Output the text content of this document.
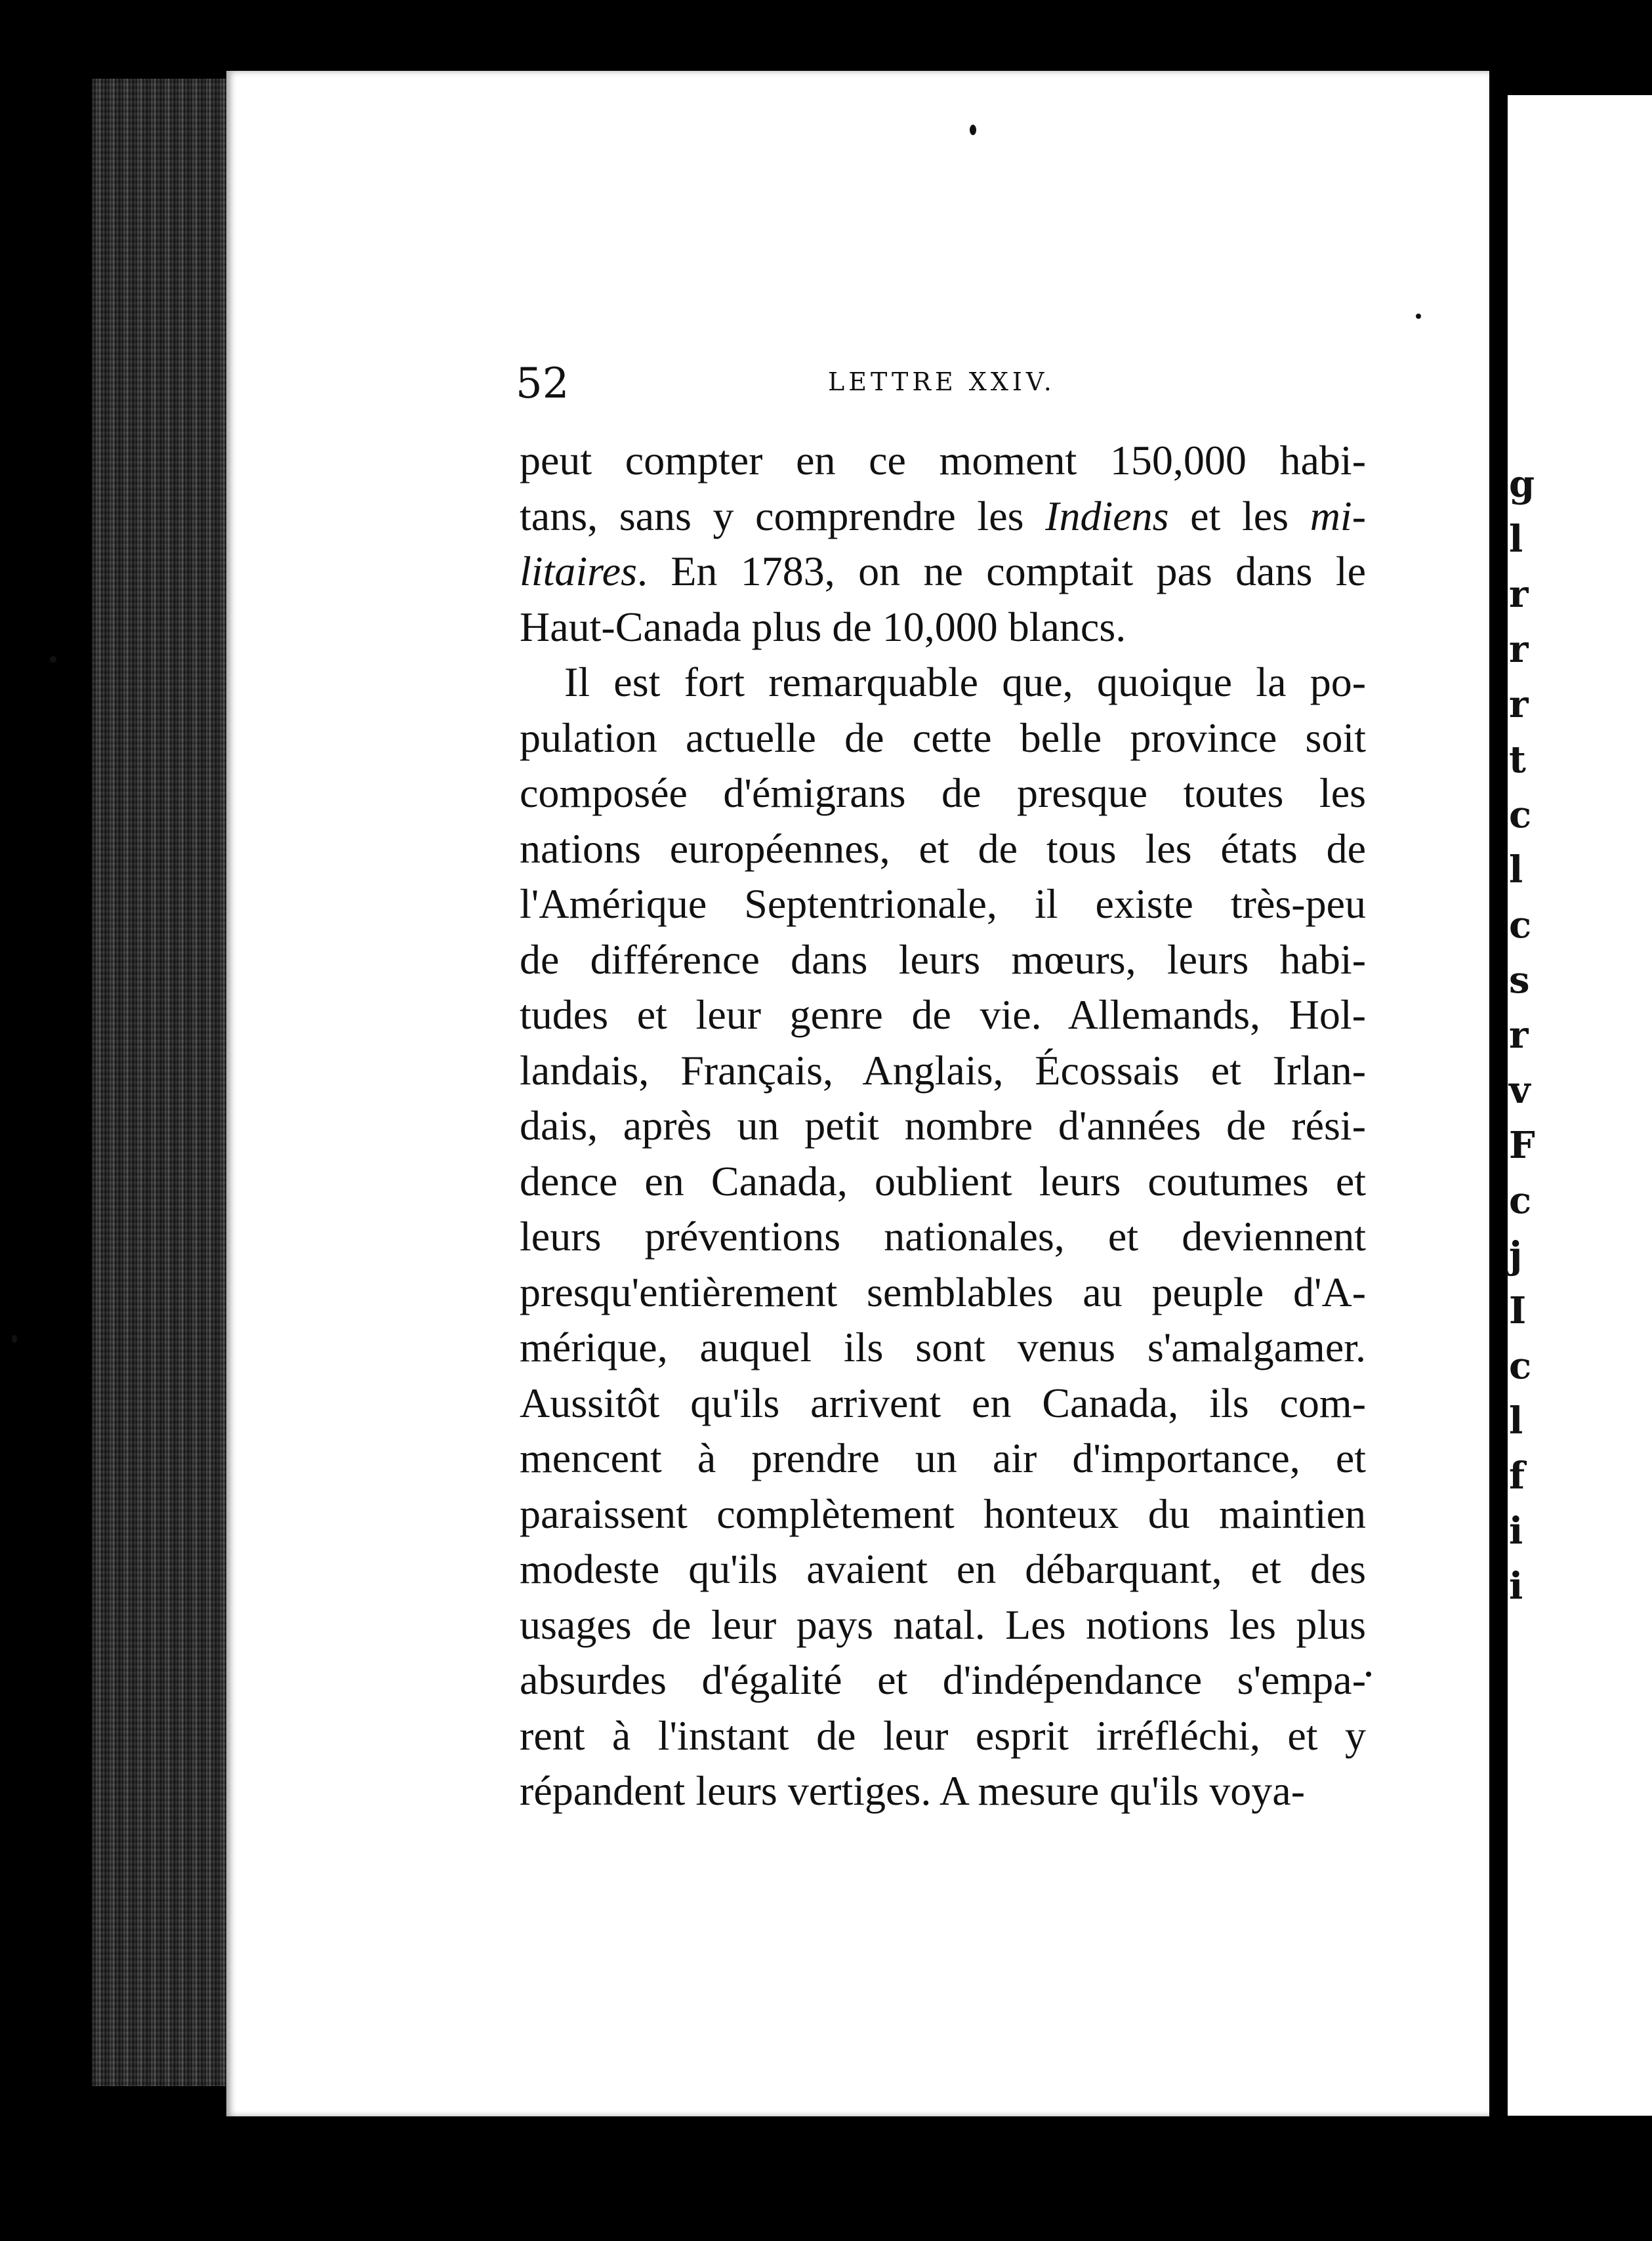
52	LETTRE XXIV.
peut compter en ce moment 150,000 habi-
tans, sans y comprendre les Indiens et les mi-
litaires. En 1783, on ne comptait pas dans le
Haut-Canada plus de 10,000 blancs.
Il est fort remarquable que, quoique la po-
pulation actuelle de cette belle province soit
composée d'émigrans de presque toutes les
nations européennes, et de tous les états de
l'Amérique Septentrionale, il existe très-peu
de différence dans leurs mœurs, leurs habi-
tudes et leur genre de vie. Allemands, Hol-
landais, Français, Anglais, Écossais et Irlan-
dais, après un petit nombre d'années de rési-
dence en Canada, oublient leurs coutumes et
leurs préventions nationales, et deviennent
presqu'entièrement semblables au peuple d'A-
mérique, auquel ils sont venus s'amalgamer.
Aussitôt qu'ils arrivent en Canada, ils com-
mencent à prendre un air d'importance, et
paraissent complètement honteux du maintien
modeste qu'ils avaient en débarquant, et des
usages de leur pays natal. Les notions les plus
absurdes d'égalité et d'indépendance s'empa-
rent à l'instant de leur esprit irréfléchi, et y
répandent leurs vertiges. A mesure qu'ils voya-
g
l
r
r
r
t
c
l
c
s
r
v
F
c
j
I
c
l
f
i
i
